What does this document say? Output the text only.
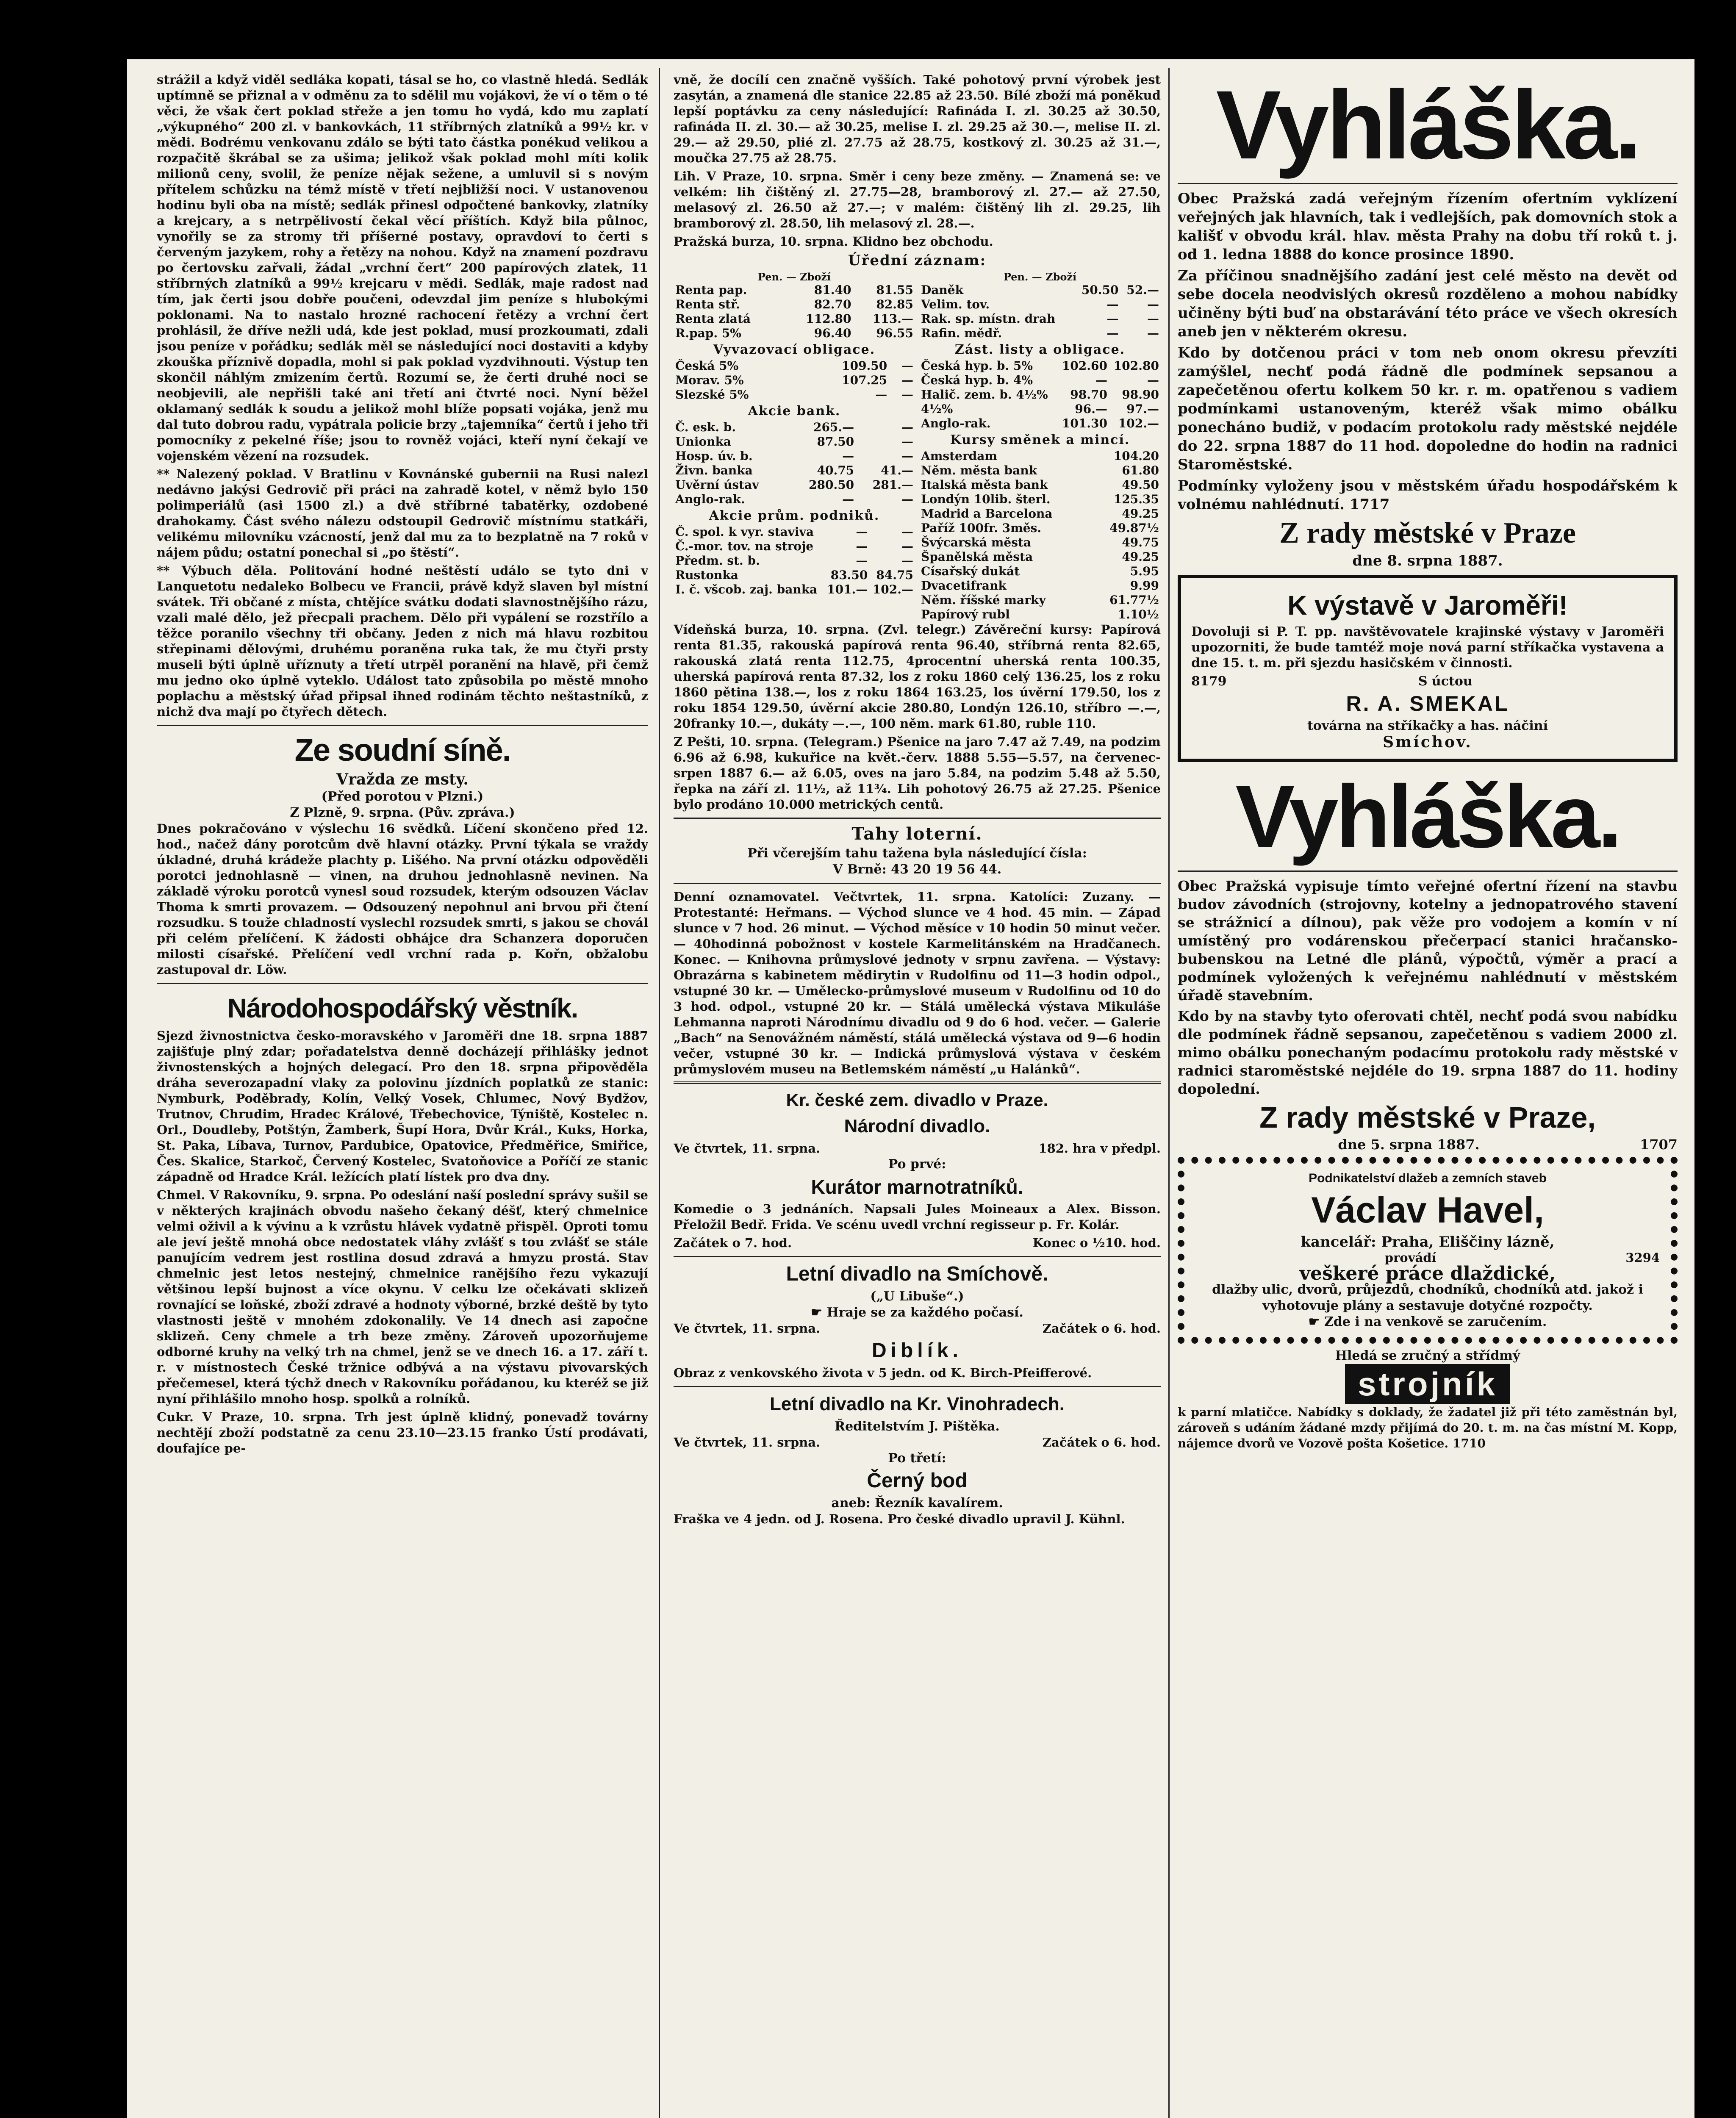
strážil a když viděl sedláka kopati, tásal se ho, co vlastně hledá. Sedlák uptímně se přiznal a v odměnu za to sdělil mu vojákovi, že ví o těm o té věci, že však čert poklad střeže a jen tomu ho vydá, kdo mu zaplatí „výkupného“ 200 zl. v bankovkách, 11 stříbrných zlatníků a 99½ kr. v mědi. Bodrému venkovanu zdálo se býti tato částka ponékud velikou a rozpačitě škrábal se za ušima; jelikož však poklad mohl míti kolik milionů ceny, svolil, že peníze nějak sežene, a umluvil si s novým přítelem schůzku na témž místě v třetí nejbližší noci. V ustanovenou hodinu byli oba na místě; sedlák přinesl odpočtené bankovky, zlatníky a krejcary, a s netrpělivostí čekal věcí příštích. Když bila půlnoc, vynořily se za stromy tři příšerné postavy, opravdoví to čerti s červeným jazykem, rohy a řetězy na nohou. Když na znamení pozdravu po čertovsku zařvali, žádal „vrchní čert“ 200 papírových zlatek, 11 stříbrných zlatníků a 99½ krejcaru v mědi. Sedlák, maje radost nad tím, jak čerti jsou dobře poučeni, odevzdal jim peníze s hlubokými poklonami. Na to nastalo hrozné rachocení řetězy a vrchní čert prohlásil, že dříve nežli udá, kde jest poklad, musí prozkoumati, zdali jsou peníze v pořádku; sedlák měl se následující noci dostaviti a kdyby zkouška příznivě dopadla, mohl si pak poklad vyzdvihnouti. Výstup ten skončil náhlým zmizením čertů. Rozumí se, že čerti druhé noci se neobjevili, ale nepřišli také ani třetí ani čtvrté noci. Nyní běžel oklamaný sedlák k soudu a jelikož mohl blíže popsati vojáka, jenž mu dal tuto dobrou radu, vypátrala policie brzy „tajemníka“ čertů i jeho tři pomocníky z pekelné říše; jsou to rovněž vojáci, kteří nyní čekají ve vojenském vězení na rozsudek.

** Nalezený poklad. V Bratlinu v Kovnánské gubernii na Rusi nalezl nedávno jakýsi Gedrovič při práci na zahradě kotel, v němž bylo 150 polimperiálů (asi 1500 zl.) a dvě stříbrné tabatěrky, ozdobené drahokamy. Část svého nálezu odstoupil Gedrovič místnímu statkáři, velikému milovníku vzácností, jenž dal mu za to bezplatně na 7 roků v nájem půdu; ostatní ponechal si „po štěstí“.

** Výbuch děla. Politování hodné neštěstí událo se tyto dni v Lanquetotu nedaleko Bolbecu ve Francii, právě když slaven byl místní svátek. Tři občané z místa, chtějíce svátku dodati slavnostnějšího rázu, vzali malé dělo, jež přecpali prachem. Dělo při vypálení se rozstřílo a těžce poranilo všechny tři občany. Jeden z nich má hlavu rozbitou střepinami dělovými, druhému poraněna ruka tak, že mu čtyři prsty museli býti úplně uříznuty a třetí utrpěl poranění na hlavě, při čemž mu jedno oko úplně vyteklo. Událost tato způsobila po městě mnoho poplachu a městský úřad připsal ihned rodinám těchto neštastníků, z nichž dva mají po čtyřech dětech.

Ze soudní síně.
Vražda ze msty.
(Před porotou v Plzni.)
Z Plzně, 9. srpna. (Pův. zpráva.)

Dnes pokračováno v výslechu 16 svědků. Líčení skončeno před 12. hod., načež dány porotcům dvě hlavní otázky. První týkala se vraždy úkladné, druhá krádeže plachty p. Lišého. Na první otázku odpověděli porotci jednohlasně — vinen, na druhou jednohlasně nevinen. Na základě výroku porotců vynesl soud rozsudek, kterým odsouzen Václav Thoma k smrti provazem. — Odsouzený nepohnul ani brvou při čtení rozsudku. S touže chladností vyslechl rozsudek smrti, s jakou se chovál při celém přelíčení. K žádosti obhájce dra Schanzera doporučen milosti císařské. Přelíčení vedl vrchní rada p. Kořn, obžalobu zastupoval dr. Löw.

Národohospodářský věstník.

Sjezd živnostnictva česko-moravského v Jaroměři dne 18. srpna 1887 zajišťuje plný zdar; pořadatelstva denně docházejí přihlášky jednot živnostenských a hojných delegací. Pro den 18. srpna připověděla dráha severozapadní vlaky za polovinu jízdních poplatků ze stanic: Nymburk, Poděbrady, Kolín, Velký Vosek, Chlumec, Nový Bydžov, Trutnov, Chrudim, Hradec Králové, Třebechovice, Týniště, Kostelec n. Orl., Doudleby, Potštýn, Žamberk, Šupí Hora, Dvůr Král., Kuks, Horka, St. Paka, Líbava, Turnov, Pardubice, Opatovice, Předměřice, Smiřice, Čes. Skalice, Starkoč, Červený Kostelec, Svatoňovice a Poříčí ze stanic západně od Hradce Král. ležících platí lístek pro dva dny.

Chmel. V Rakovníku, 9. srpna. Po odeslání naší poslední správy sušil se v některých krajinách obvodu našeho čekaný déšť, který chmelnice velmi oživil a k vývinu a k vzrůstu hlávek vydatně přispěl. Oproti tomu ale jeví ještě mnohá obce nedostatek vláhy zvlášť s tou zvlášť se stále panujícím vedrem jest rostlina dosud zdravá a hmyzu prostá. Stav chmelnic jest letos nestejný, chmelnice ranějšího řezu vykazují většinou lepší bujnost a více okynu. V celku lze očekávati sklizeň rovnající se loňské, zboží zdravé a hodnoty výborné, brzké deště by tyto vlastnosti ještě v mnohém zdokonalily. Ve 14 dnech asi započne sklizeň. Ceny chmele a trh beze změny. Zároveň upozorňujeme odborné kruhy na velký trh na chmel, jenž se ve dnech 16. a 17. září t. r. v místnostech České tržnice odbývá a na výstavu pivovarských přečemesel, která týchž dnech v Rakovníku pořádanou, ku kteréž se již nyní přihlášilo mnoho hosp. spolků a rolníků.

Cukr. V Praze, 10. srpna. Trh jest úplně klidný, ponevadž továrny nechtějí zboží podstatně za cenu 23.10—23.15 franko Ústí prodávati, doufajíce pe-

vně, že docílí cen značně vyšších. Také pohotový první výrobek jest zasytán, a znamená dle stanice 22.85 až 23.50. Bílé zboží má poněkud lepší poptávku za ceny následující: Rafináda I. zl. 30.25 až 30.50, rafináda II. zl. 30.— až 30.25, melise I. zl. 29.25 až 30.—, melise II. zl. 29.— až 29.50, plié zl. 27.75 až 28.75, kostkový zl. 30.25 až 31.—, moučka 27.75 až 28.75.

Lih. V Praze, 10. srpna. Směr i ceny beze změny. — Znamená se: ve velkém: lih čištěný zl. 27.75—28, bramborový zl. 27.— až 27.50, melasový zl. 26.50 až 27.—; v malém: čištěný lih zl. 29.25, lih bramborový zl. 28.50, lih melasový zl. 28.—.

Pražská burza, 10. srpna. Klidno bez obchodu.

Úřední záznam:
Pen. — Zboží
Renta pap.	81.40	81.55
Renta stř.	82.70	82.85
Renta zlatá	112.80	113.—
R.pap. 5%	96.40	96.55
Vyvazovací obligace.
Česká 5%	109.50	—
Morav. 5%	107.25	—
Slezské 5%	—	—
Akcie bank.
Č. esk. b.	265.—	—
Unionka	87.50	—
Hosp. úv. b.	—	—
Živn. banka	40.75	41.—
Uvěrní ústav	280.50	281.—
Anglo-rak.	—	—
Akcie prům. podniků.
Č. spol. k vyr. staviva	—	—
Č.-mor. tov. na stroje	—	—
Předm. st. b.	—	—
Rustonka	83.50	84.75
I. č. všcob. zaj. banka	101.—	102.—
Pen. — Zboží
Daněk	50.50	52.—
Velim. tov.	—	—
Rak. sp. místn. drah	—	—
Rafin. mědř.	—	—
Zást. listy a obligace.
Česká hyp. b. 5%	102.60	102.80
Česká hyp. b. 4%	—	—
Halič. zem. b. 4½%	98.70	98.90
4½%	96.—	97.—
Anglo-rak.	101.30	102.—
Kursy směnek a mincí.
Amsterdam	104.20
Něm. města bank	61.80
Italská města bank	49.50
Londýn 10lib. šterl.	125.35
Madrid a Barcelona	49.25
Paříž 100fr. 3měs.	49.87½
Švýcarská města	49.75
Španělská města	49.25
Císařský dukát	5.95
Dvacetifrank	9.99
Něm. říšské marky	61.77½
Papírový rubl	1.10½

Vídeňská burza, 10. srpna. (Zvl. telegr.) Závěreční kursy: Papírová renta 81.35, rakouská papírová renta 96.40, stříbrná renta 82.65, rakouská zlatá renta 112.75, 4procentní uherská renta 100.35, uherská papírová renta 87.32, los z roku 1860 celý 136.25, los z roku 1860 pětina 138.—, los z roku 1864 163.25, los úvěrní 179.50, los z roku 1854 129.50, úvěrní akcie 280.80, Londýn 126.10, stříbro —.—, 20franky 10.—, dukáty —.—, 100 něm. mark 61.80, ruble 110.

Z Pešti, 10. srpna. (Telegram.) Pšenice na jaro 7.47 až 7.49, na podzim 6.96 až 6.98, kukuřice na květ.-červ. 1888 5.55—5.57, na červenec-srpen 1887 6.— až 6.05, oves na jaro 5.84, na podzim 5.48 až 5.50, řepka na září zl. 11½, až 11¾. Lih pohotový 26.75 až 27.25. Pšenice bylo prodáno 10.000 metrických centů.

Tahy loterní.
Při včerejším tahu tažena byla následující čísla:
V Brně: 43 20 19 56 44.

Denní oznamovatel. Večtvrtek, 11. srpna. Katolíci: Zuzany. — Protestanté: Heřmans. — Východ slunce ve 4 hod. 45 min. — Západ slunce v 7 hod. 26 minut. — Východ měsíce v 10 hodin 50 minut večer. — 40hodinná pobožnost v kostele Karmelitánském na Hradčanech. Konec. — Knihovna průmyslové jednoty v srpnu zavřena. — Výstavy: Obrazárna s kabinetem mědirytin v Rudolfinu od 11—3 hodin odpol., vstupné 30 kr. — Umělecko-průmyslové museum v Rudolfinu od 10 do 3 hod. odpol., vstupné 20 kr. — Stálá umělecká výstava Mikuláše Lehmanna naproti Národnímu divadlu od 9 do 6 hod. večer. — Galerie „Bach“ na Senovážném náměstí, stálá umělecká výstava od 9—6 hodin večer, vstupné 30 kr. — Indická průmyslová výstava v českém průmyslovém museu na Betlemském náměstí „u Halánků“.

Kr. české zem. divadlo v Praze.
Národní divadlo.
Ve čtvrtek, 11. srpna.	182. hra v předpl.
Po prvé:
Kurátor marnotratníků.

Komedie o 3 jednáních. Napsali Jules Moineaux a Alex. Bisson. Přeložil Bedř. Frida. Ve scénu uvedl vrchní regisseur p. Fr. Kolár.

Začátek o 7. hod.	Konec o ½10. hod.
Letní divadlo na Smíchově.
(„U Libuše“.)
☛ Hraje se za každého počasí.
Ve čtvrtek, 11. srpna.	Začátek o 6. hod.
Diblík.

Obraz z venkovského života v 5 jedn. od K. Birch-Pfeifferové.

Letní divadlo na Kr. Vinohradech.
Ředitelstvím J. Pištěka.
Ve čtvrtek, 11. srpna.	Začátek o 6. hod.
Po třetí:
Černý bod
aneb: Řezník kavalírem.

Fraška ve 4 jedn. od J. Rosena. Pro české divadlo upravil J. Kühnl.

Vyhláška.

Obec Pražská zadá veřejným řízením ofertním vyklízení veřejných jak hlavních, tak i vedlejších, pak domovních stok a kališť v obvodu král. hlav. města Prahy na dobu tří roků t. j. od 1. ledna 1888 do konce prosince 1890.

Za příčinou snadnějšího zadání jest celé město na devět od sebe docela neodvislých okresů rozděleno a mohou nabídky učiněny býti buď na obstarávání této práce ve všech okresích aneb jen v některém okresu.

Kdo by dotčenou práci v tom neb onom okresu převzíti zamýšlel, nechť podá řádně dle podmínek sepsanou a zapečetěnou ofertu kolkem 50 kr. r. m. opatřenou s vadiem podmínkami ustanoveným, kteréž však mimo obálku ponecháno budiž, v podacím protokolu rady městské nejdéle do 22. srpna 1887 do 11 hod. dopoledne do hodin na radnici Staroměstské.

Podmínky vyloženy jsou v městském úřadu hospodářském k volnému nahlédnutí. 1717

Z rady městské v Praze
dne 8. srpna 1887.
K výstavě v Jaroměři!

Dovoluji si P. T. pp. navštěvovatele krajinské výstavy v Jaroměři upozorniti, že bude tamtéž moje nová parní stříkačka vystavena a dne 15. t. m. při sjezdu hasičském v činnosti.

8179	S úctou
R. A. SMEKAL
továrna na stříkačky a has. náčiní
Smíchov.
Vyhláška.

Obec Pražská vypisuje tímto veřejné ofertní řízení na stavbu budov závodních (strojovny, kotelny a jednopatrového stavení se strážnicí a dílnou), pak věže pro vodojem a komín v ní umístěný pro vodárenskou přečerpací stanici hračansko-bubenskou na Letné dle plánů, výpočtů, výměr a prací a podmínek vyložených k veřejnému nahlédnutí v městském úřadě stavebním.

Kdo by na stavby tyto oferovati chtěl, nechť podá svou nabídku dle podmínek řádně sepsanou, zapečetěnou s vadiem 2000 zl. mimo obálku ponechaným podacímu protokolu rady městské v radnici staroměstské nejdéle do 19. srpna 1887 do 11. hodiny dopolední.

Z rady městské v Praze,
dne 5. srpna 1887.	1707
Podnikatelství dlažeb a zemních staveb
Václav Havel,
kancelář: Praha, Eliščiny lázně,
provádí	3294
veškeré práce dlaždické,
dlažby ulic, dvorů, průjezdů, chodníků, chodníků atd. jakož i vyhotovuje plány a sestavuje dotyčné rozpočty.
☛ Zde i na venkově se zaručením.
Hledá se zručný a střídmý
strojník

k parní mlatičce. Nabídky s doklady, že žadatel již při této zaměstnán byl, zároveň s udáním žádané mzdy přijímá do 20. t. m. na čas místní M. Kopp, nájemce dvorů ve Vozově pošta Košetice. 1710
